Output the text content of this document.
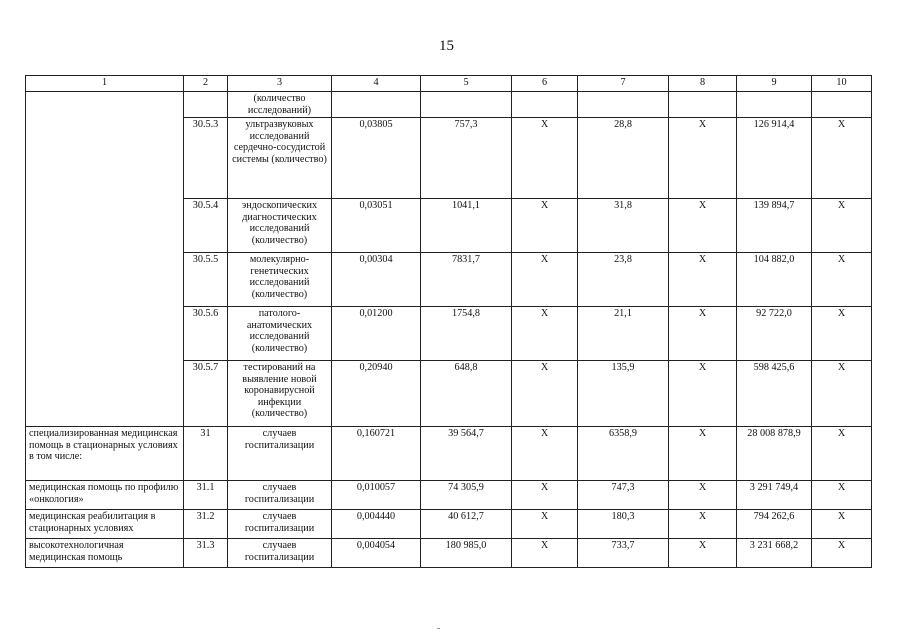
15
1	2	3	4	5	6	7	8	9	10
		(количество исследований)							
	30.5.3	ультразвуковых исследований сердечно-сосудистой системы (количество)	0,03805	757,3	X	28,8	X	126 914,4	X
	30.5.4	эндоскопических диагностических исследований (количество)	0,03051	1041,1	X	31,8	X	139 894,7	X
	30.5.5	молекулярно-генетических исследований (количество)	0,00304	7831,7	X	23,8	X	104 882,0	X
	30.5.6	патолого-анатомических исследований (количество)	0,01200	1754,8	X	21,1	X	92 722,0	X
	30.5.7	тестирований на выявление новой коронавирусной инфекции (количество)	0,20940	648,8	X	135,9	X	598 425,6	X
специализированная медицинская помощь в стационарных условиях в том числе:	31	случаев госпитализации	0,160721	39 564,7	X	6358,9	X	28 008 878,9	X
медицинская помощь по профилю «онкология»	31.1	случаев госпитализации	0,010057	74 305,9	X	747,3	X	3 291 749,4	X
медицинская реабилитация в стационарных условиях	31.2	случаев госпитализации	0,004440	40 612,7	X	180,3	X	794 262,6	X
высокотехнологичная медицинская помощь	31.3	случаев госпитализации	0,004054	180 985,0	X	733,7	X	3 231 668,2	X
